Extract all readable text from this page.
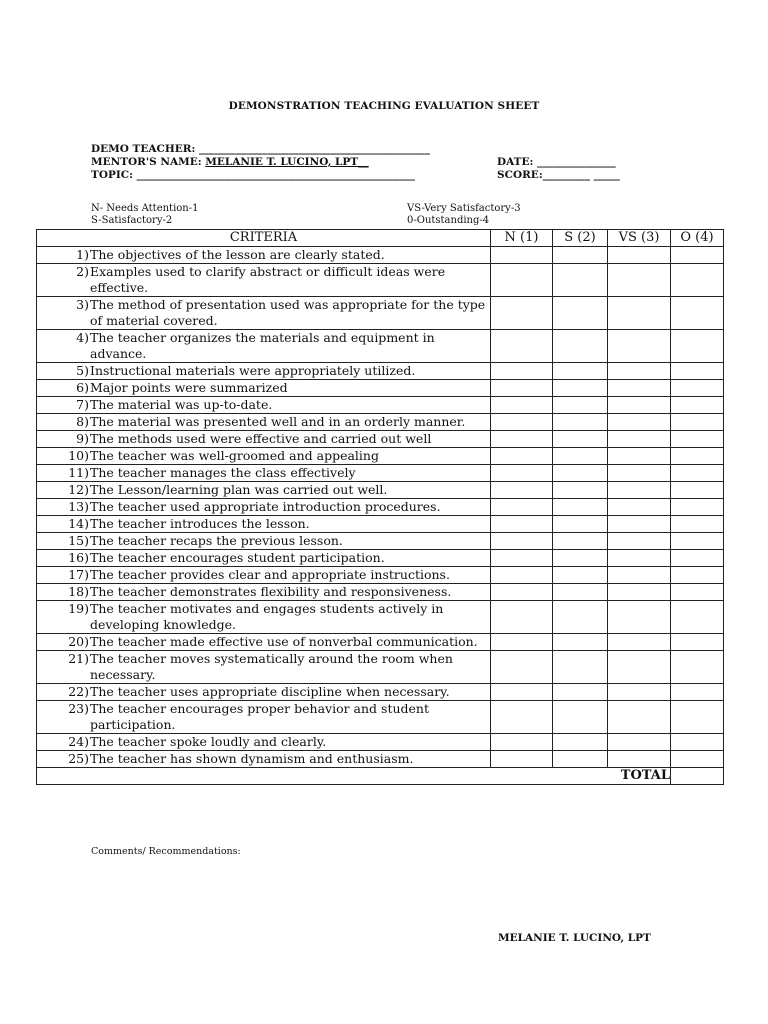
DEMONSTRATION TEACHING EVALUATION SHEET
DEMO TEACHER: ____________________________________________
MENTOR'S NAME: MELANIE T. LUCINO, LPT__
TOPIC: _____________________________________________________
DATE: _______________
SCORE:_________ _____
N- Needs Attention-1
S-Satisfactory-2
VS-Very Satisfactory-3
0-Outstanding-4
CRITERIA	N (1)	S (2)	VS (3)	O (4)
1)The objectives of the lesson are clearly stated.				
2)Examples used to clarify abstract or difficult ideas were effective.				
3)The method of presentation used was appropriate for the type of material covered.				
4)The teacher organizes the materials and equipment in advance.				
5)Instructional materials were appropriately utilized.				
6)Major points were summarized				
7)The material was up-to-date.				
8)The material was presented well and in an orderly manner.				
9)The methods used were effective and carried out well				
10)The teacher was well-groomed and appealing				
11)The teacher manages the class effectively				
12)The Lesson/learning plan was carried out well.				
13)The teacher used appropriate introduction procedures.				
14)The teacher introduces the lesson.				
15)The teacher recaps the previous lesson.				
16)The teacher encourages student participation.				
17)The teacher provides clear and appropriate instructions.				
18)The teacher demonstrates flexibility and responsiveness.				
19)The teacher motivates and engages students actively in developing knowledge.				
20)The teacher made effective use of nonverbal communication.				
21)The teacher moves systematically around the room when necessary.				
22)The teacher uses appropriate discipline when necessary.				
23)The teacher encourages proper behavior and student participation.				
24)The teacher spoke loudly and clearly.				
25)The teacher has shown dynamism and enthusiasm.				
TOTAL				
Comments/ Recommendations:
MELANIE T. LUCINO, LPT
